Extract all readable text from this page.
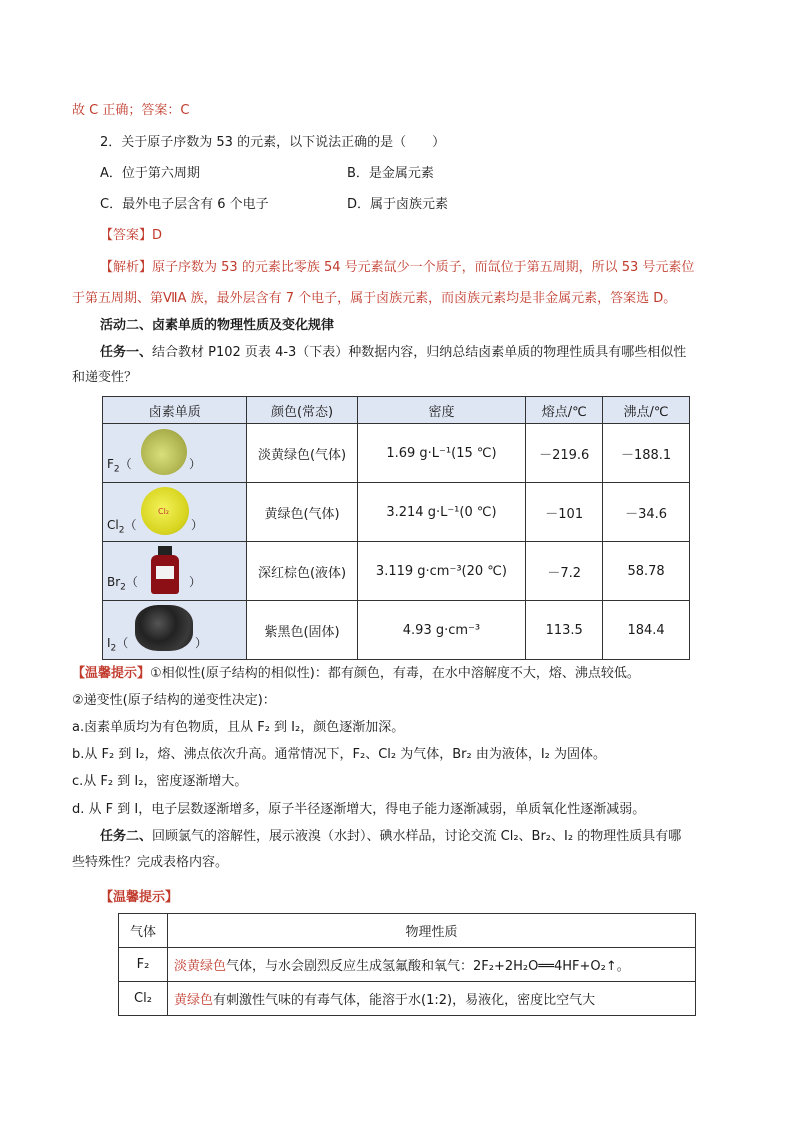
故 C 正确；答案：C
2．关于原子序数为 53 的元素，以下说法正确的是（　　）
A．位于第六周期	B．是金属元素
C．最外电子层含有 6 个电子	D．属于卤族元素
【答案】D
【解析】原子序数为 53 的元素比零族 54 号元素氙少一个质子，而氙位于第五周期，所以 53 号元素位
于第五周期、第ⅦA 族，最外层含有 7 个电子，属于卤族元素，而卤族元素均是非金属元素，答案选 D。
活动二、卤素单质的物理性质及变化规律
任务一、结合教材 P102 页表 4-3（下表）种数据内容，归纳总结卤素单质的物理性质具有哪些相似性
和递变性？
卤素单质	颜色(常态)	密度	熔点/℃	沸点/℃

$F_2$（ ）	淡黄绿色(气体)	1.69 g·L⁻¹(15 ℃)	－219.6	－188.1

Cl₂
$Cl_2$（ ）	黄绿色(气体)	3.214 g·L⁻¹(0 ℃)	－101	－34.6

$Br_2$（ ）	深红棕色(液体)	3.119 g·cm⁻³(20 ℃)	－7.2	58.78

$I_2$（ ）	紫黑色(固体)	4.93 g·cm⁻³	113.5	184.4
【温馨提示】①相似性(原子结构的相似性)：都有颜色，有毒，在水中溶解度不大，熔、沸点较低。
②递变性(原子结构的递变性决定)：
a.卤素单质均为有色物质，且从 F₂ 到 I₂，颜色逐渐加深。
b.从 F₂ 到 I₂，熔、沸点依次升高。通常情况下，F₂、Cl₂ 为气体，Br₂ 由为液体，I₂ 为固体。
c.从 F₂ 到 I₂，密度逐渐增大。
d. 从 F 到 I，电子层数逐渐增多，原子半径逐渐增大，得电子能力逐渐减弱，单质氧化性逐渐减弱。
任务二、回顾氯气的溶解性，展示液溴（水封）、碘水样品，讨论交流 Cl₂、Br₂、I₂ 的物理性质具有哪
些特殊性？完成表格内容。
【温馨提示】
气体	物理性质
F₂	淡黄绿色气体，与水会剧烈反应生成氢氟酸和氧气：2F₂+2H₂O══4HF+O₂↑。
Cl₂	黄绿色有刺激性气味的有毒气体，能溶于水(1:2)，易液化，密度比空气大
